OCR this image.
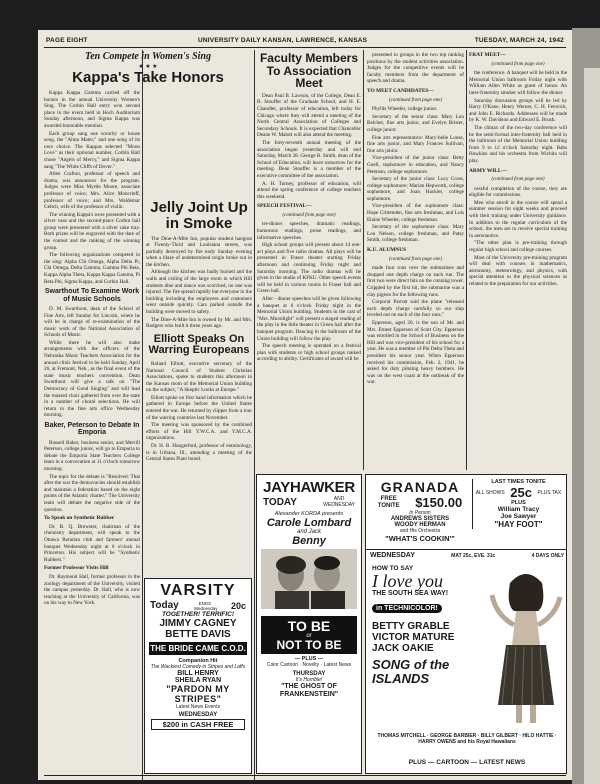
PAGE EIGHT	UNIVERSITY DAILY KANSAN, LAWRENCE, KANSAS	TUESDAY, MARCH 24, 1942
Ten Compete in Women's Sing
★ ★ ★
Kappa's Take Honors

Kappa Kappa Gamma carried off the honors in the annual University Women's Sing. The Corbin Hall entry won second place in the event held in Hoch Auditorium Sunday afternoon, and Sigma Kappa was awarded honorable mention.

Each group sang one sorority or house song, the "Alma Mater," and one song of its own choice. The Kappas selected "Moon Love" as their optional number, Corbin Hall chose "Angels of Mercy," and Sigma Kappa sang "The White Cliffs of Dover."

Allen Crafton, professor of speech and drama, was announcer for the program. Judges were Miss Myrtle Moore, associate professor of voice; Mrs. Alice Moncrieff, professor of voice; and Mrs. Waldemar Geltch, wife of the professor of violin.

The winning Kappa's were presented with a silver vase and the second-place Corbin hall group were presented with a silver cake tray. Both prizes will be engraved with the date of the contest and the ranking of the winning group.

The following organizations competed in the sing: Alpha Chi Omega, Alpha Delta Pi, Chi Omega, Delta Gamma, Gamma Phi Beta, Kappa Alpha Theta, Kappa Kappa Gamma, Pi Beta Phi, Sigma Kappa, and Corbin Hall.

Swarthout To Examine Work of Music Schools

D. M. Swarthout, dean of the School of Fine Arts, left Sunday for Lincoln, where he will be in charge of re-examination of the music work of the National Association of Schools of Music.

While there he will also make arrangements with the officers of the Nebraska Music Teachers Association for the annual clinic festival to be held Sunday, April 26, at Fremont, Neb., as the final event of the state music teachers convention. Dean Swarthout will give a talk on "The Democracy of Good Singing" and will lead the massed choir gathered from over the state in a number of choral selections. He will return to the fine arts office Wednesday morning.

Baker, Peterson to Debate In Emporia

Russell Baker, business senior, and Merrill Peterson, college junior, will go to Emporia to debate the Emporia State Teachers College team in a convocation at 11 o'clock tomorrow morning.

The topic for the debate is "Resolved: That after the war the democracies should establish and maintain a federation based on the eight points of the Atlantic charter." The University team will debate the negative side of the question.

To Speak on Synthetic Rubber

Dr. R. Q. Brewster, chairman of the chemistry department, will speak to the Ottawa Rotarian club and farmers' annual banquet Wednesday night at 6 o'clock in Princeton. His subject will be "Synthetic Rubbers."

Former Professor Visits Hill

Dr. Raymond Hall, former professor in the zoology department of the University, visited the campus yesterday. Dr. Hall, who is now teaching at the University of California, was on his way to New York.

Jelly Joint Up in Smoke

The Dine-A-Mite Inn, popular student hangout at Twenty-Third and Louisiana streets, was partially destroyed by fire early Sunday evening when a blaze of undetermined origin broke out in the kitchen.

Although the kitchen was badly burned and the walls and ceiling of the large room in which Hill students dine and dance was scorched, no one was injured. The fire spread rapidly but everyone in the building including the employees and customers went outside quickly. Cars parked outside the building were moved to safety.

The Dine-A-Mite Inn is owned by Mr. and Mrs. Rodgers who built it three years ago.

Elliott Speaks On Warring Europeans

Roland Elliott, executive secretary of the National Council of Student Christian Associations, spoke to students this afternoon in the Kansas room of the Memorial Union building on the subject, "A Skeptic Looks at Europe."

Elliott spoke on first hand information which he gathered in Europe before the United States entered the war. He returned by clipper from a tour of the warring countries last November.

The meeting was sponsored by the combined efforts of the Hill Y.W.C.A. and Y.M.C.A. organizations.

Dr. H. B. Hungerford, professor of entomology, is in Urbana, Ill., attending a meeting of the Central States Plant board.

Faculty Members To Association Meet

Dean Paul B. Lawson, of the College, Dean E. B. Stouffer of the Graduate School, and H. E. Chandler, professor of education, left today for Chicago where they will attend a meeting of the North Central Association of Colleges and Secondary Schools. It is expected that Chancellor Deane W. Malott will also attend the meeting.

The forty-seventh annual meeting of the association began yesterday and will end Saturday, March 28. George B. Smith, dean of the School of Education, will leave tomorrow for the meeting. Dean Stouffer is a member of the executive committee of the association.

A. H. Turney, professor of education, will attend the spring conference of college teachers this weekend.

SPEECH FESTIVAL—
(continued from page one)

ter-dinner speeches, dramatic readings, humorous readings, prose readings, and informative speeches.

High school groups will present about 14 one-act plays and five radio dramas. All plays will be presented in Fraser theater starting Friday afternoon and continuing Friday night and Saturday morning. The radio dramas will be given in the studio of KFKU. Other speech events will be held in various rooms in Fraser hall and Green hall.

After - dinner speeches will be given following a banquet at 6 o'clock Friday night in the Memorial Union building. Students in the cast of "Mrs. Moonlight" will present a staged reading of the play in the little theater in Green hall after the banquet program. Dancing in the ballroom of the Union building will follow the play.

The speech meeting is operated on a festival plan with students or high school groups ranked according to ability. Certificates of award will be

presented to groups in the two top ranking positions by the student activities association. Judges for the competitive events will be faculty members from the department of speech and drama.

TO MEET CANDIDATES—
(continued from page one)

Phyllis Wheeler, college junior.

Secretary of the senior class: Mary Lou Belcher, fine arts junior, and Evelyn Brister, college junior.

Fine arts representative: Mary-belle Loose, fine arts junior, and Mary Frances Sullivan, fine arts junior.

Vice-president of the junior class: Betty Goell, sophomore in education, and Nancy Peterson, college sophomore.

Secretary of the junior class: Lucy Cross, college sophomore; Marian Hepworth, college sophomore, and Joan Hackler, college sophomore.

Vice-president of the sophomore class: Hope Crittenden, fine arts freshman, and Lois Elaine Wheeler, college freshman.

Secretary of the sophomore class: Mary Lou Nelson, college freshman, and Patsy Smith, college freshman.

K.U. ALUMNUS
(continued from page one)

made four runs over the submarines and dropped one depth charge on each run. The first two were direct hits on the conning tower. Crippled by the first hit, the submarine was a clay pigeon for the following runs.

Corporal Parrott said the plane "released each depth charge carefully so our ship leveled out on each of the four runs."

Epperson, aged 20, is the son of Mr. and Mrs. Ernest Epperson of Scott City. Epperson was enrolled in the School of Business on the Hill and was vice-president of his school for a year. He was a member of Phi Delta Theta and president his senior year. When Epperson received his commission, Feb. 2, 1941, he asked for duty piloting heavy bombers. He was on the west coast at the outbreak of the war.

FRAT MEET—
(continued from page one)

the conference. A banquet will be held in the Memorial Union ballroom Friday night with William Allen White as guest of honor. An inter-fraternity smoker will follow the dinner.

Saturday discussion groups will be led by Harry O'Kane, Henry Werner, C. H. Fenwick, and John E. Richards. Addresses will be made by K. W. Davidson and Edward E. Brush.

The climax of the two-day conference will be the semi-formal inter-fraternity ball held in the ballroom of the Memorial Union building from 9 to 12 o'clock Saturday night. Babs Hawkins and his orchestra from Wichita will play.

ARMY WILL—
(continued from page one)

cessful completion of the course, they are eligible for commissions.

Men who enroll in the course will spend a summer session for eight weeks and proceed with their training under University guidance. In addition to the regular curriculum of the school, the men are to receive special training in aeronautics.

"The other plan is pre-training through regular high school and college courses.

Most of the University pre-training program will deal with courses in mathematics, astronomy, meteorology, and physics, with special attention to the physical sciences as related to the preparation for our activities.

JAYHAWKER
TODAY	AND
WEDNESDAY
Alexander KORDA presents
Carole Lombard
and Jack
Benny
TO BE
or
NOT TO BE
— PLUS —
Color Cartoon · Novelty · Latest News
THURSDAY
It's Horrible!
"THE GHOST OF FRANKENSTEIN"
VARSITY
Today	ENDS Wednesday 20c
TOGETHER! TERRIFIC!
JIMMY CAGNEY
BETTE DAVIS
THE BRIDE CAME C.O.D.
Companion Hit
The Wackiest Comedy in Stripes and Laffs
BILL HENRY
SHEILA RYAN
"PARDON MY STRIPES"
Latest News Events
WEDNESDAY
$200 in CASH FREE
GRANADA
FREE
TONITE $150.00
In Person
ANDREWS SISTERS
WOODY HERMAN
and His Orchestra
"WHAT'S COOKIN'"
LAST TIMES TONITE
ALL SHOWS 25c PLUS TAX
PLUS
William Tracy
Joe Sawyer
"HAY FOOT"
WEDNESDAY	MAT 25c, EVE. 31c	4 DAYS ONLY
HOW TO SAY
I love you
THE SOUTH SEA WAY!
in TECHNICOLOR!
BETTY GRABLE
VICTOR MATURE
JACK OAKIE
SONG of the ISLANDS
THOMAS MITCHELL · GEORGE BARBIER · BILLY GILBERT · HILO HATTIE · HARRY OWENS and his Royal Hawaiians
PLUS — CARTOON — LATEST NEWS
